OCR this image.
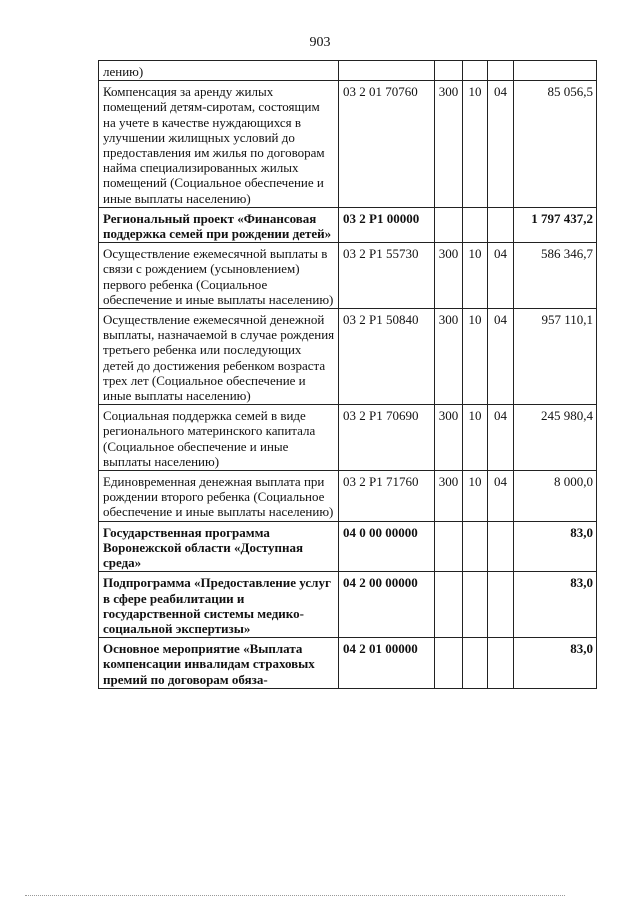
903
лению)					
Компенсация за аренду жилых помещений детям-сиротам, состоящим на учете в качестве нуждающихся в улучшении жилищных условий до предоставления им жилья по договорам найма специализированных жилых помещений (Социальное обеспечение и иные выплаты населению)	03 2 01 70760	300	10	04	85 056,5
Региональный проект «Финансовая поддержка семей при рождении детей»	03 2 P1 00000				1 797 437,2
Осуществление ежемесячной выплаты в связи с рождением (усыновлением) первого ребенка (Социальное обеспечение и иные выплаты населению)	03 2 P1 55730	300	10	04	586 346,7
Осуществление ежемесячной денежной выплаты, назначаемой в случае рождения третьего ребенка или последующих детей до достижения ребенком возраста трех лет (Социальное обеспечение и иные выплаты населению)	03 2 P1 50840	300	10	04	957 110,1
Социальная поддержка семей в виде регионального материнского капитала (Социальное обеспечение и иные выплаты населению)	03 2 P1 70690	300	10	04	245 980,4
Единовременная денежная выплата при рождении второго ребенка (Социальное обеспечение и иные выплаты населению)	03 2 P1 71760	300	10	04	8 000,0
Государственная программа Воронежской области «Доступная среда»	04 0 00 00000				83,0
Подпрограмма «Предоставление услуг в сфере реабилитации и государственной системы медико-социальной экспертизы»	04 2 00 00000				83,0
Основное мероприятие «Выплата компенсации инвалидам страховых премий по договорам обяза-	04 2 01 00000				83,0
